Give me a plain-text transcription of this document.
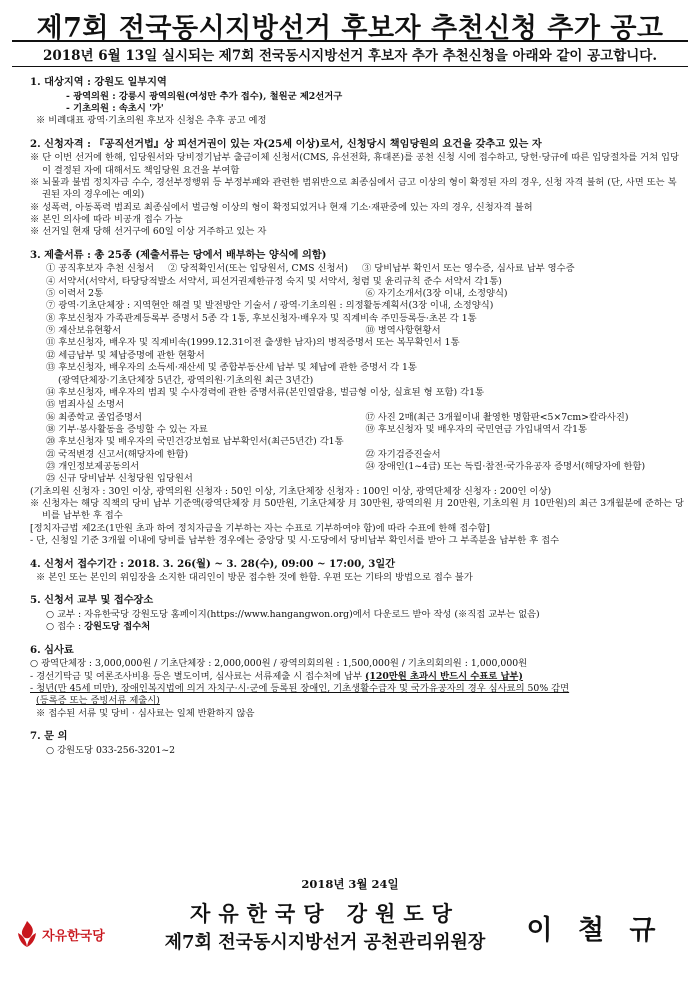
제7회 전국동시지방선거 후보자 추천신청 추가 공고
2018년 6월 13일 실시되는 제7회 전국동시지방선거 후보자 추가 추천신청을 아래와 같이 공고합니다.
1. 대상지역 : 강원도 일부지역
- 광역의원 : 강릉시 광역의원(여성만 추가 접수), 철원군 제2선거구
- 기초의원 : 속초시 '가'
※ 비례대표 광역·기초의원 후보자 신청은 추후 공고 예정
2. 신청자격 : 『공직선거법』상 피선거권이 있는 자(25세 이상)로서, 신청당시 책임당원의 요건을 갖추고 있는 자
※ 단 이번 선거에 한해, 입당원서와 당비정기납부 출금이체 신청서(CMS, 유선전화, 휴대폰)를 공천 신청 시에 접수하고, 당헌·당규에 따른 입당절차를 거쳐 입당이 결정된 자에 대해서도 책임당원 요건을 부여함
※ 뇌물과 불법 정치자금 수수, 경선부정행위 등 부정부패와 관련한 범위반으로 최종심에서 금고 이상의 형이 확정된 자의 경우, 신청 자격 불허 (단, 사면 또는 복권된 자의 경우에는 예외)
※ 성폭력, 아동폭력 범죄로 최종심에서 벌금형 이상의 형이 확정되었거나 현재 기소·재판중에 있는 자의 경우, 신청자격 불허
※ 본인 의사에 따라 비공개 접수 가능
※ 선거일 현재 당해 선거구에 60일 이상 거주하고 있는 자
3. 제출서류 : 총 25종 (제출서류는 당에서 배부하는 양식에 의함)
① 공직후보자 추천 신청서 ② 당적확인서(또는 입당원서, CMS 신청서) ③ 당비납부 확인서 또는 영수증, 심사료 납부 영수증
④ 서약서(서약서, 타당당적발소 서약서, 피선거권제한규정 숙지 및 서약서, 청렴 및 윤리규칙 준수 서약서 각1통)
⑤ 이력서 2통	⑥ 자기소개서(3장 이내, 소정양식)
⑦ 광역·기초단체장 : 지역현안 해결 및 발전방안 기술서 / 광역·기초의원 : 의정활동계획서(3장 이내, 소정양식)
⑧ 후보신청자 가족관계등록부 증명서 5종 각 1통, 후보신청자·배우자 및 직계비속 주민등록등·초본 각 1통
⑨ 재산보유현황서	⑩ 병역사항현황서
⑪ 후보신청자, 배우자 및 직계비속(1999.12.31이전 출생한 남자)의 병적증명서 또는 복무확인서 1통
⑫ 세금납부 및 체납증명에 관한 현황서
⑬ 후보신청자, 배우자의 소득세·재산세 및 종합부동산세 납부 및 체납에 관한 증명서 각 1통
(광역단체장·기초단체장 5년간, 광역의원·기초의원 최근 3년간)
⑭ 후보신청자, 배우자의 범죄 및 수사경력에 관한 증명서류(본인열람용, 벌금형 이상, 실효된 형 포함) 각1통
⑮ 범죄사실 소명서
⑯ 최종학교 졸업증명서	⑰ 사진 2매(최근 3개월이내 촬영한 명함판<5×7cm>칼라사진)
⑱ 기부·봉사활동을 증빙할 수 있는 자료	⑲ 후보신청자 및 배우자의 국민연금 가입내역서 각1통
⑳ 후보신청자 및 배우자의 국민건강보험료 납부확인서(최근5년간) 각1통
㉑ 국적변경 신고서(해당자에 한함)	㉒ 자기검증진술서
㉓ 개인정보제공동의서	㉔ 장애인(1~4급) 또는 독립·참전·국가유공자 증명서(해당자에 한함)
㉕ 신규 당비납부 신청당원 입당원서
(기초의원 신청자 : 30인 이상, 광역의원 신청자 : 50인 이상, 기초단체장 신청자 : 100인 이상, 광역단체장 신청자 : 200인 이상)
※ 신청자는 해당 직책의 당비 납부 기준액(광역단체장 月 50만원, 기초단체장 月 30만원, 광역의원 月 20만원, 기초의원 月 10만원)의 최근 3개월분에 준하는 당비를 납부한 후 접수
[정치자금법 제2조(1만원 초과 하여 정치자금을 기부하는 자는 수표로 기부하여야 함)에 따라 수표에 한해 접수함]
- 단, 신청일 기준 3개월 이내에 당비를 납부한 경우에는 중앙당 및 시·도당에서 당비납부 확인서를 받아 그 부족분을 납부한 후 접수
4. 신청서 접수기간 : 2018. 3. 26(월) ~ 3. 28(수), 09:00 ~ 17:00, 3일간
※ 본인 또는 본인의 위임장을 소지한 대리인이 방문 접수한 것에 한함. 우편 또는 기타의 방법으로 접수 불가
5. 신청서 교부 및 접수장소
○ 교부 : 자유한국당 강원도당 홈페이지(https://www.hangangwon.org)에서 다운로드 받아 작성 (※직접 교부는 없음)
○ 접수 : 강원도당 접수처
6. 심사료
○ 광역단체장 : 3,000,000원 / 기초단체장 : 2,000,000원 / 광역의회의원 : 1,500,000원 / 기초의회의원 : 1,000,000원
- 경선기탁금 및 여론조사비용 등은 별도이며, 심사료는 서류제출 시 접수처에 납부 (120만원 초과시 반드시 수표로 납부)
- 청년(만 45세 미만), 장애인복지법에 의거 자치구·시·군에 등록된 장애인, 기초생활수급자 및 국가유공자의 경우 심사료의 50% 감면
(등록증 또는 증빙서류 제출시)
※ 접수된 서류 및 당비 · 심사료는 일체 반환하지 않음
7. 문 의
○ 강원도당 033-256-3201~2
2018년 3월 24일
자유한국당
자유한국당 강원도당
제7회 전국동시지방선거 공천관리위원장	이 철 규
